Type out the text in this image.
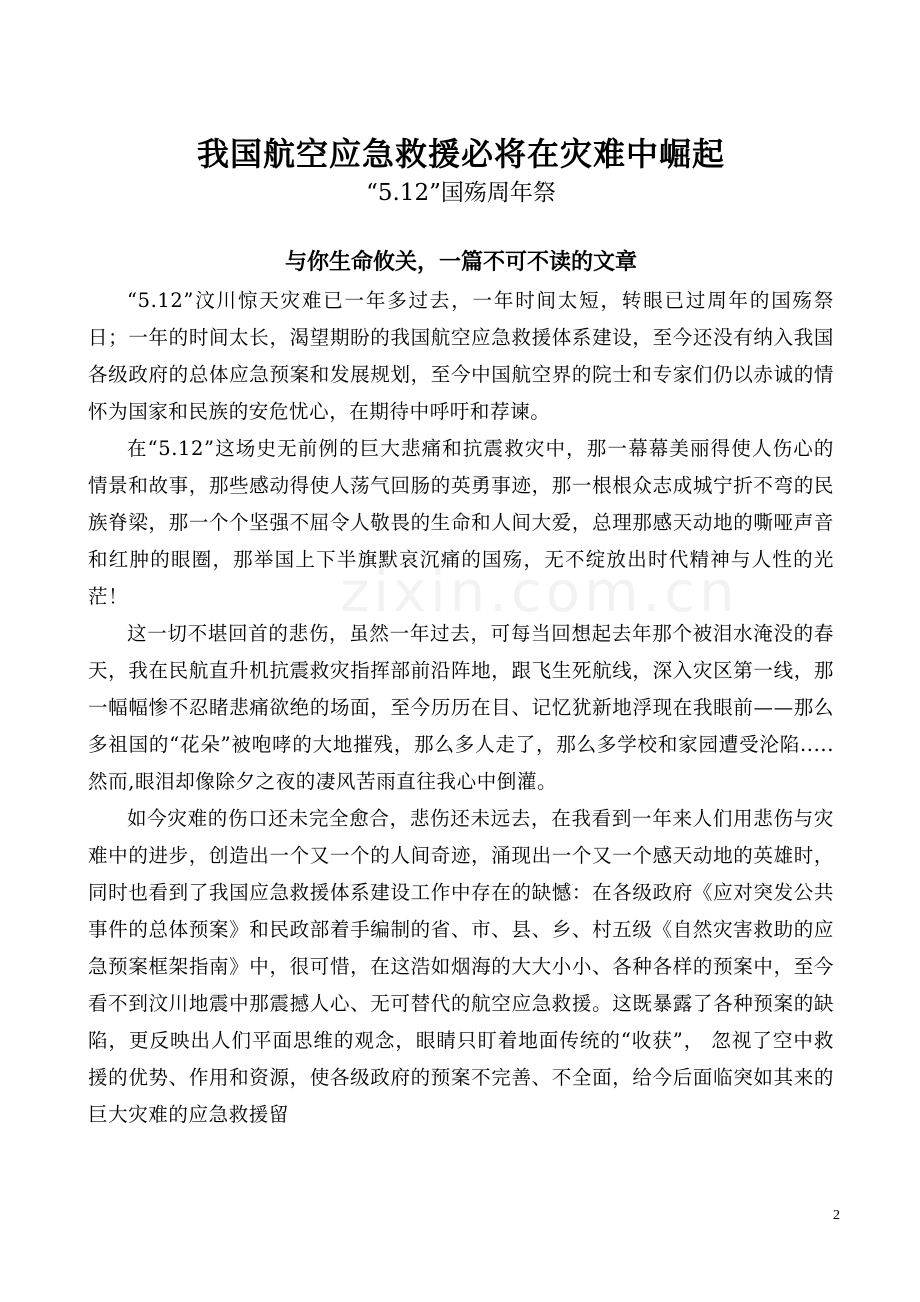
我国航空应急救援必将在灾难中崛起
“5.12”国殇周年祭
与你生命攸关，一篇不可不读的文章

“5.12”汶川惊天灾难已一年多过去，一年时间太短，转眼已过周年的国殇祭日；一年的时间太长，渴望期盼的我国航空应急救援体系建设，至今还没有纳入我国各级政府的总体应急预案和发展规划，至今中国航空界的院士和专家们仍以赤诚的情怀为国家和民族的安危忧心，在期待中呼吁和荐谏。

在“5.12”这场史无前例的巨大悲痛和抗震救灾中，那一幕幕美丽得使人伤心的情景和故事，那些感动得使人荡气回肠的英勇事迹，那一根根众志成城宁折不弯的民族脊梁，那一个个坚强不屈令人敬畏的生命和人间大爱，总理那感天动地的嘶哑声音和红肿的眼圈，那举国上下半旗默哀沉痛的国殇，无不绽放出时代精神与人性的光茫！

这一切不堪回首的悲伤，虽然一年过去，可每当回想起去年那个被泪水淹没的春天，我在民航直升机抗震救灾指挥部前沿阵地，跟飞生死航线，深入灾区第一线，那一幅幅惨不忍睹悲痛欲绝的场面，至今历历在目、记忆犹新地浮现在我眼前——那么多祖国的“花朵”被咆哮的大地摧残，那么多人走了，那么多学校和家园遭受沦陷.....然而,眼泪却像除夕之夜的凄风苦雨直往我心中倒灌。

如今灾难的伤口还未完全愈合，悲伤还未远去，在我看到一年来人们用悲伤与灾难中的进步，创造出一个又一个的人间奇迹，涌现出一个又一个感天动地的英雄时，同时也看到了我国应急救援体系建设工作中存在的缺憾：在各级政府《应对突发公共事件的总体预案》和民政部着手编制的省、市、县、乡、村五级《自然灾害救助的应急预案框架指南》中，很可惜，在这浩如烟海的大大小小、各种各样的预案中，至今看不到汶川地震中那震撼人心、无可替代的航空应急救援。这既暴露了各种预案的缺陷，更反映出人们平面思维的观念，眼睛只盯着地面传统的“收获”， 忽视了空中救援的优势、作用和资源，使各级政府的预案不完善、不全面，给今后面临突如其来的巨大灾难的应急救援留

zixin.com.cn
2
